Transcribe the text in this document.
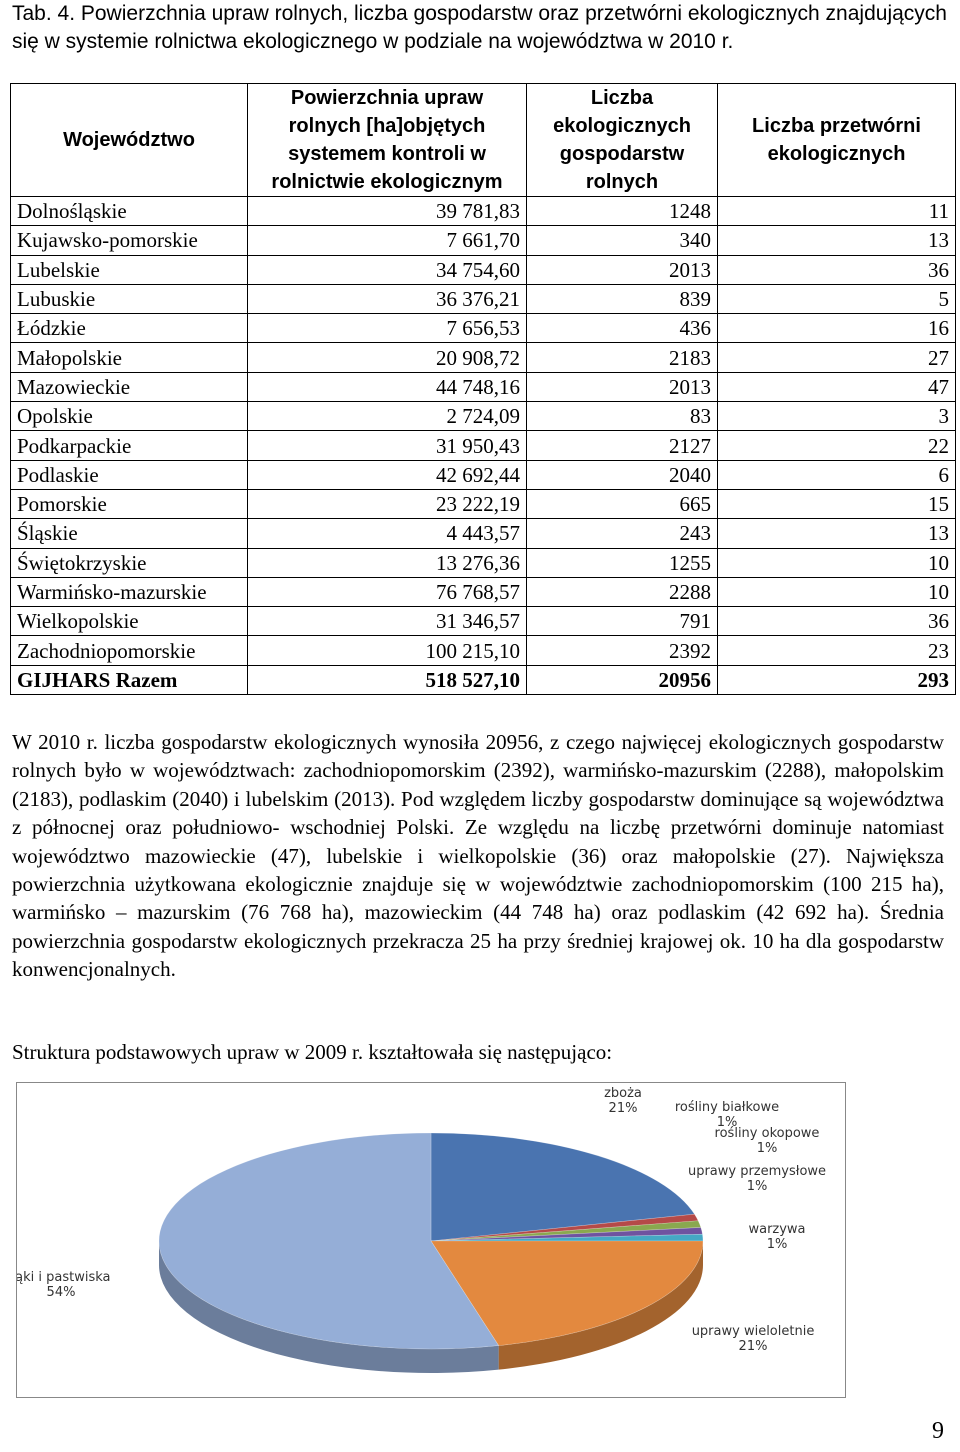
Tab. 4. Powierzchnia upraw rolnych, liczba gospodarstw oraz przetwórni ekologicznych znajdujących się w systemie rolnictwa ekologicznego w podziale na województwa w 2010 r.
Województwo	Powierzchnia upraw rolnych [ha]objętych systemem kontroli w rolnictwie ekologicznym	Liczba ekologicznych gospodarstw rolnych	Liczba przetwórni ekologicznych
Dolnośląskie	39 781,83	1248	11
Kujawsko-pomorskie	7 661,70	340	13
Lubelskie	34 754,60	2013	36
Lubuskie	36 376,21	839	5
Łódzkie	7 656,53	436	16
Małopolskie	20 908,72	2183	27
Mazowieckie	44 748,16	2013	47
Opolskie	2 724,09	83	3
Podkarpackie	31 950,43	2127	22
Podlaskie	42 692,44	2040	6
Pomorskie	23 222,19	665	15
Śląskie	4 443,57	243	13
Świętokrzyskie	13 276,36	1255	10
Warmińsko-mazurskie	76 768,57	2288	10
Wielkopolskie	31 346,57	791	36
Zachodniopomorskie	100 215,10	2392	23
GIJHARS Razem	518 527,10	20956	293

W 2010 r. liczba gospodarstw ekologicznych wynosiła 20956, z czego najwięcej ekologicznych gospodarstw rolnych było w województwach: zachodniopomorskim (2392), warmińsko-mazurskim (2288), małopolskim (2183), podlaskim (2040) i lubelskim (2013). Pod względem liczby gospodarstw dominujące są województwa z północnej oraz południowo- wschodniej Polski. Ze względu na liczbę przetwórni dominuje natomiast województwo mazowieckie (47), lubelskie i wielkopolskie (36) oraz małopolskie (27). Największa powierzchnia użytkowana ekologicznie znajduje się w województwie zachodniopomorskim (100 215 ha), warmińsko – mazurskim (76 768 ha), mazowieckim (44 748 ha) oraz podlaskim (42 692 ha). Średnia powierzchnia gospodarstw ekologicznych przekracza 25 ha przy średniej krajowej ok. 10 ha dla gospodarstw konwencjonalnych.

Struktura podstawowych upraw w 2009 r. kształtowała się następująco:

zboża
21%	rośliny białkowe
1%
rośliny okopowe
1%
uprawy przemysłowe
1%
warzywa
1%
uprawy wieloletnie
21%
łąki i pastwiska
54%
9
